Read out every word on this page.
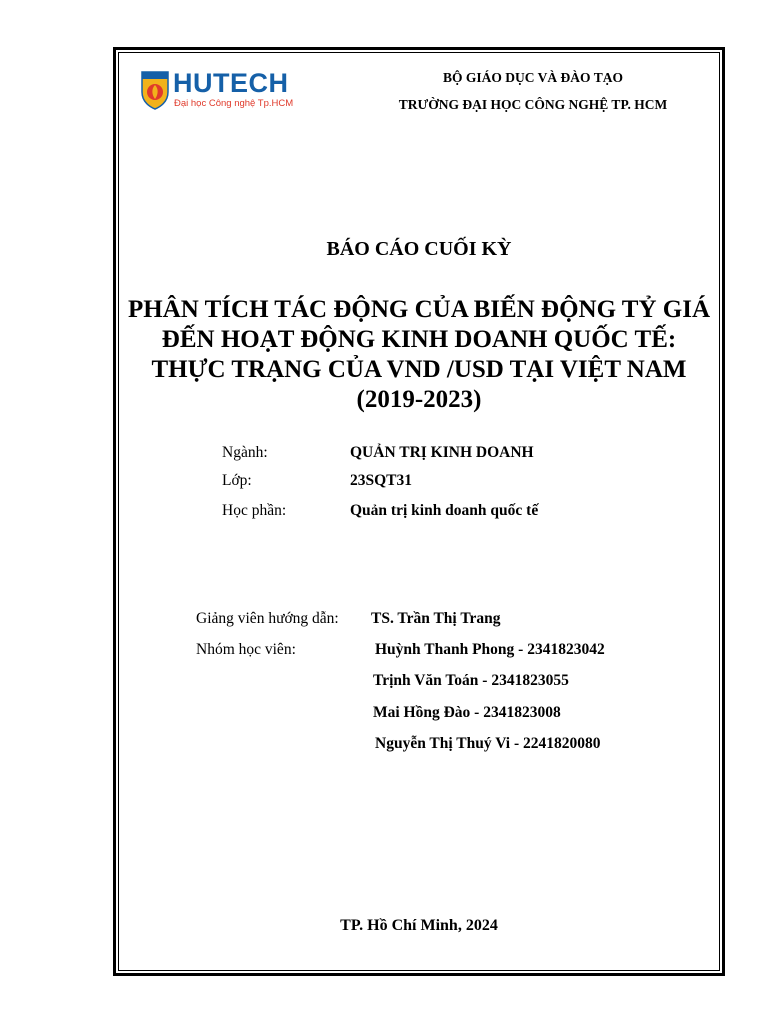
HUTECH
Đại học Công nghệ Tp.HCM
BỘ GIÁO DỤC VÀ ĐÀO TẠO
TRƯỜNG ĐẠI HỌC CÔNG NGHỆ TP. HCM
BÁO CÁO CUỐI KỲ
PHÂN TÍCH TÁC ĐỘNG CỦA BIẾN ĐỘNG TỶ GIÁ
ĐẾN HOẠT ĐỘNG KINH DOANH QUỐC TẾ:
THỰC TRẠNG CỦA VND /USD TẠI VIỆT NAM
(2019-2023)
Ngành:	QUẢN TRỊ KINH DOANH
Lớp:	23SQT31
Học phần:	Quản trị kinh doanh quốc tế
Giảng viên hướng dẫn: TS. Trần Thị Trang
Nhóm học viên:	Huỳnh Thanh Phong - 2341823042
Trịnh Văn Toán - 2341823055
Mai Hồng Đào - 2341823008
Nguyễn Thị Thuý Vi - 2241820080
TP. Hồ Chí Minh, 2024
